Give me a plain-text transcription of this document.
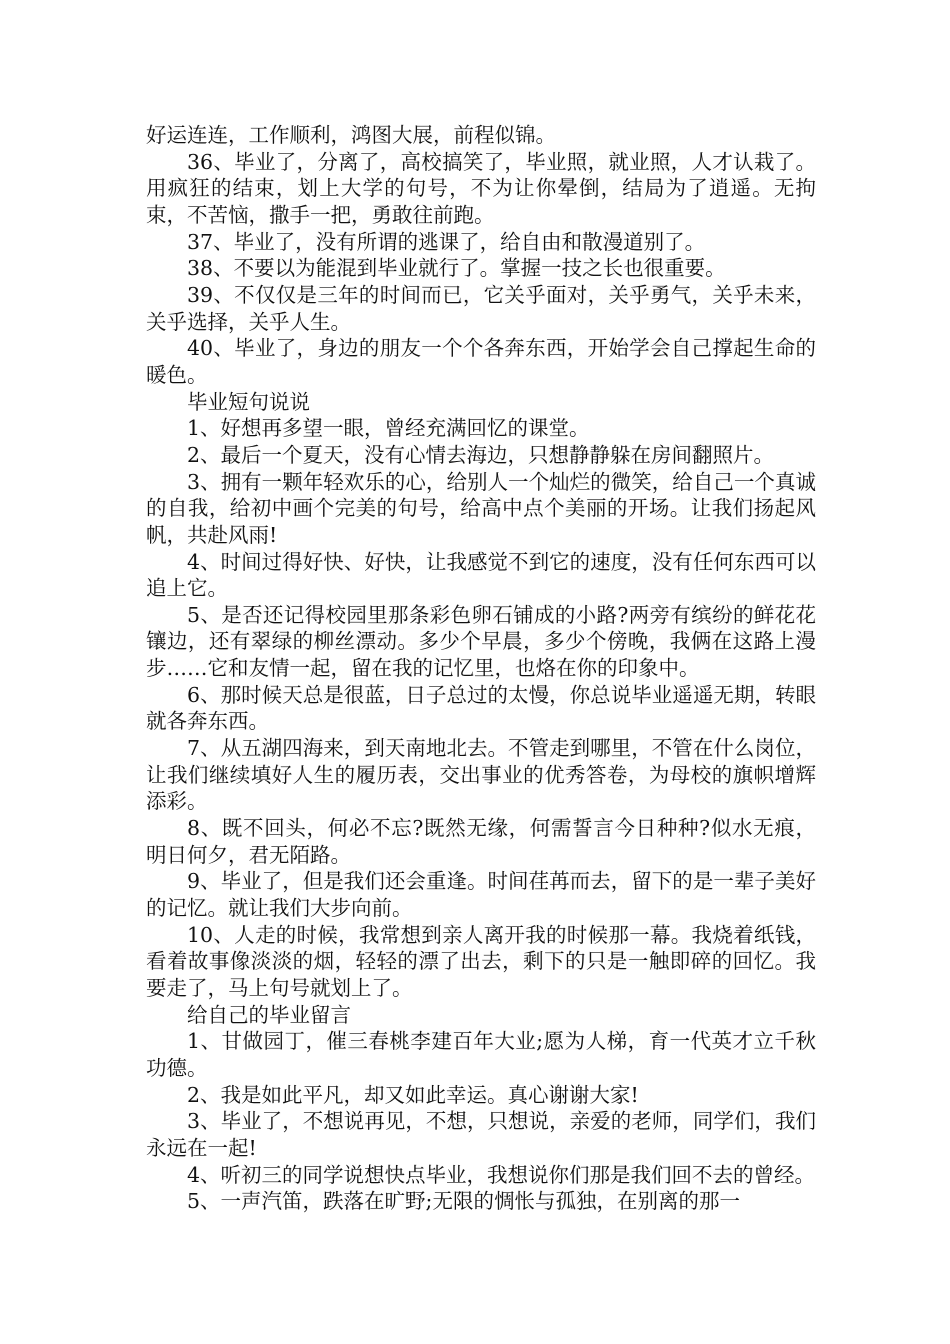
好运连连，工作顺利，鸿图大展，前程似锦。

36、毕业了，分离了，高校搞笑了，毕业照，就业照，人才认栽了。用疯狂的结束，划上大学的句号，不为让你晕倒，结局为了逍遥。无拘束，不苦恼，撒手一把，勇敢往前跑。

37、毕业了，没有所谓的逃课了，给自由和散漫道别了。

38、不要以为能混到毕业就行了。掌握一技之长也很重要。

39、不仅仅是三年的时间而已，它关乎面对，关乎勇气，关乎未来，关乎选择，关乎人生。

40、毕业了，身边的朋友一个个各奔东西，开始学会自己撑起生命的暖色。

毕业短句说说

1、好想再多望一眼，曾经充满回忆的课堂。

2、最后一个夏天，没有心情去海边，只想静静躲在房间翻照片。

3、拥有一颗年轻欢乐的心，给别人一个灿烂的微笑，给自己一个真诚的自我，给初中画个完美的句号，给高中点个美丽的开场。让我们扬起风帆，共赴风雨!

4、时间过得好快、好快，让我感觉不到它的速度，没有任何东西可以追上它。

5、是否还记得校园里那条彩色卵石铺成的小路?两旁有缤纷的鲜花花镶边，还有翠绿的柳丝漂动。多少个早晨，多少个傍晚，我俩在这路上漫步……它和友情一起，留在我的记忆里，也烙在你的印象中。

6、那时候天总是很蓝，日子总过的太慢，你总说毕业遥遥无期，转眼就各奔东西。

7、从五湖四海来，到天南地北去。不管走到哪里，不管在什么岗位，让我们继续填好人生的履历表，交出事业的优秀答卷，为母校的旗帜增辉添彩。

8、既不回头，何必不忘?既然无缘，何需誓言今日种种?似水无痕，明日何夕，君无陌路。

9、毕业了，但是我们还会重逢。时间荏苒而去，留下的是一辈子美好的记忆。就让我们大步向前。

10、人走的时候，我常想到亲人离开我的时候那一幕。我烧着纸钱，看着故事像淡淡的烟，轻轻的漂了出去，剩下的只是一触即碎的回忆。我要走了，马上句号就划上了。

给自己的毕业留言

1、甘做园丁，催三春桃李建百年大业;愿为人梯，育一代英才立千秋功德。

2、我是如此平凡，却又如此幸运。真心谢谢大家!

3、毕业了，不想说再见，不想，只想说，亲爱的老师，同学们，我们永远在一起!

4、听初三的同学说想快点毕业，我想说你们那是我们回不去的曾经。

5、一声汽笛，跌落在旷野;无限的惆怅与孤独，在别离的那一
